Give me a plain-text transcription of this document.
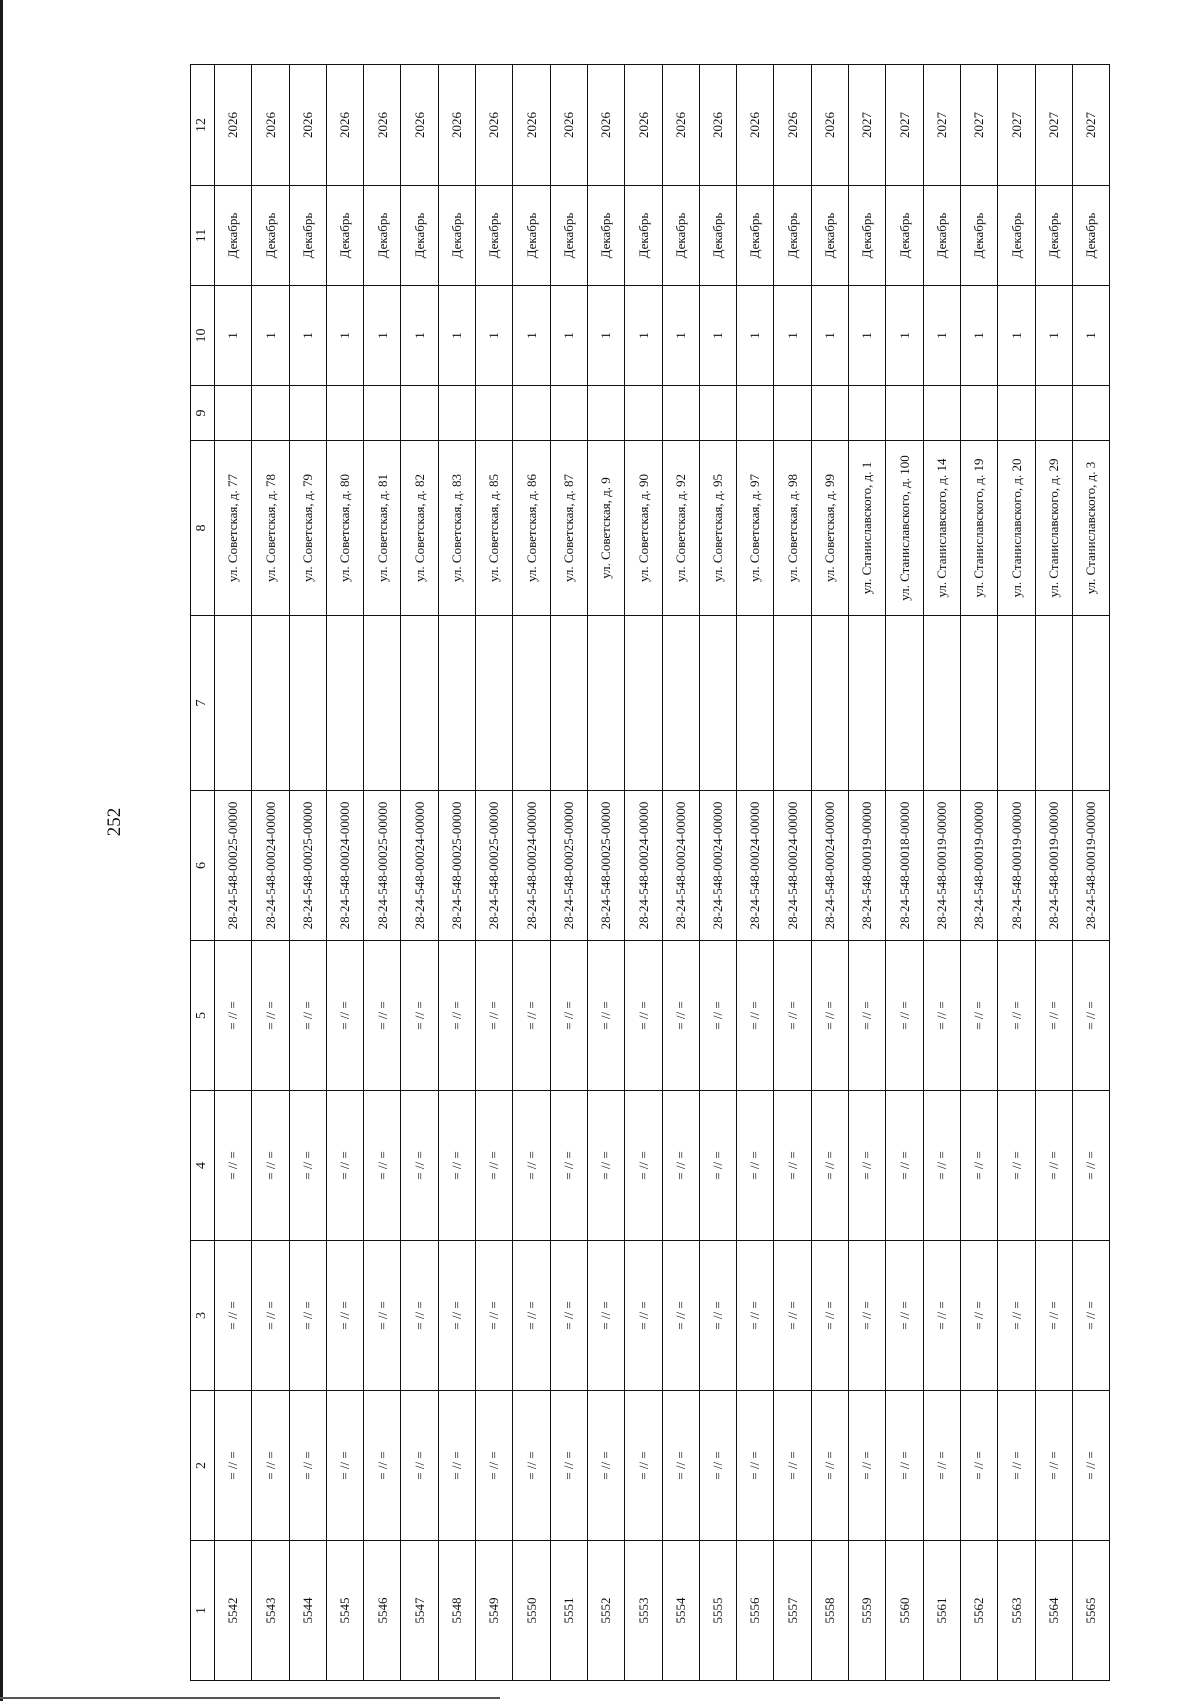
252
1	2	3	4	5	6	7	8	9	10	11	12
5542	= // =	= // =	= // =	= // =	28-24-548-00025-00000		ул. Советская, д. 77		1	Декабрь	2026
5543	= // =	= // =	= // =	= // =	28-24-548-00024-00000		ул. Советская, д. 78		1	Декабрь	2026
5544	= // =	= // =	= // =	= // =	28-24-548-00025-00000		ул. Советская, д. 79		1	Декабрь	2026
5545	= // =	= // =	= // =	= // =	28-24-548-00024-00000		ул. Советская, д. 80		1	Декабрь	2026
5546	= // =	= // =	= // =	= // =	28-24-548-00025-00000		ул. Советская, д. 81		1	Декабрь	2026
5547	= // =	= // =	= // =	= // =	28-24-548-00024-00000		ул. Советская, д. 82		1	Декабрь	2026
5548	= // =	= // =	= // =	= // =	28-24-548-00025-00000		ул. Советская, д. 83		1	Декабрь	2026
5549	= // =	= // =	= // =	= // =	28-24-548-00025-00000		ул. Советская, д. 85		1	Декабрь	2026
5550	= // =	= // =	= // =	= // =	28-24-548-00024-00000		ул. Советская, д. 86		1	Декабрь	2026
5551	= // =	= // =	= // =	= // =	28-24-548-00025-00000		ул. Советская, д. 87		1	Декабрь	2026
5552	= // =	= // =	= // =	= // =	28-24-548-00025-00000		ул. Советская, д. 9		1	Декабрь	2026
5553	= // =	= // =	= // =	= // =	28-24-548-00024-00000		ул. Советская, д. 90		1	Декабрь	2026
5554	= // =	= // =	= // =	= // =	28-24-548-00024-00000		ул. Советская, д. 92		1	Декабрь	2026
5555	= // =	= // =	= // =	= // =	28-24-548-00024-00000		ул. Советская, д. 95		1	Декабрь	2026
5556	= // =	= // =	= // =	= // =	28-24-548-00024-00000		ул. Советская, д. 97		1	Декабрь	2026
5557	= // =	= // =	= // =	= // =	28-24-548-00024-00000		ул. Советская, д. 98		1	Декабрь	2026
5558	= // =	= // =	= // =	= // =	28-24-548-00024-00000		ул. Советская, д. 99		1	Декабрь	2026
5559	= // =	= // =	= // =	= // =	28-24-548-00019-00000		ул. Станиславского, д. 1		1	Декабрь	2027
5560	= // =	= // =	= // =	= // =	28-24-548-00018-00000		ул. Станиславского, д. 100		1	Декабрь	2027
5561	= // =	= // =	= // =	= // =	28-24-548-00019-00000		ул. Станиславского, д. 14		1	Декабрь	2027
5562	= // =	= // =	= // =	= // =	28-24-548-00019-00000		ул. Станиславского, д. 19		1	Декабрь	2027
5563	= // =	= // =	= // =	= // =	28-24-548-00019-00000		ул. Станиславского, д. 20		1	Декабрь	2027
5564	= // =	= // =	= // =	= // =	28-24-548-00019-00000		ул. Станиславского, д. 29		1	Декабрь	2027
5565	= // =	= // =	= // =	= // =	28-24-548-00019-00000		ул. Станиславского, д. 3		1	Декабрь	2027
